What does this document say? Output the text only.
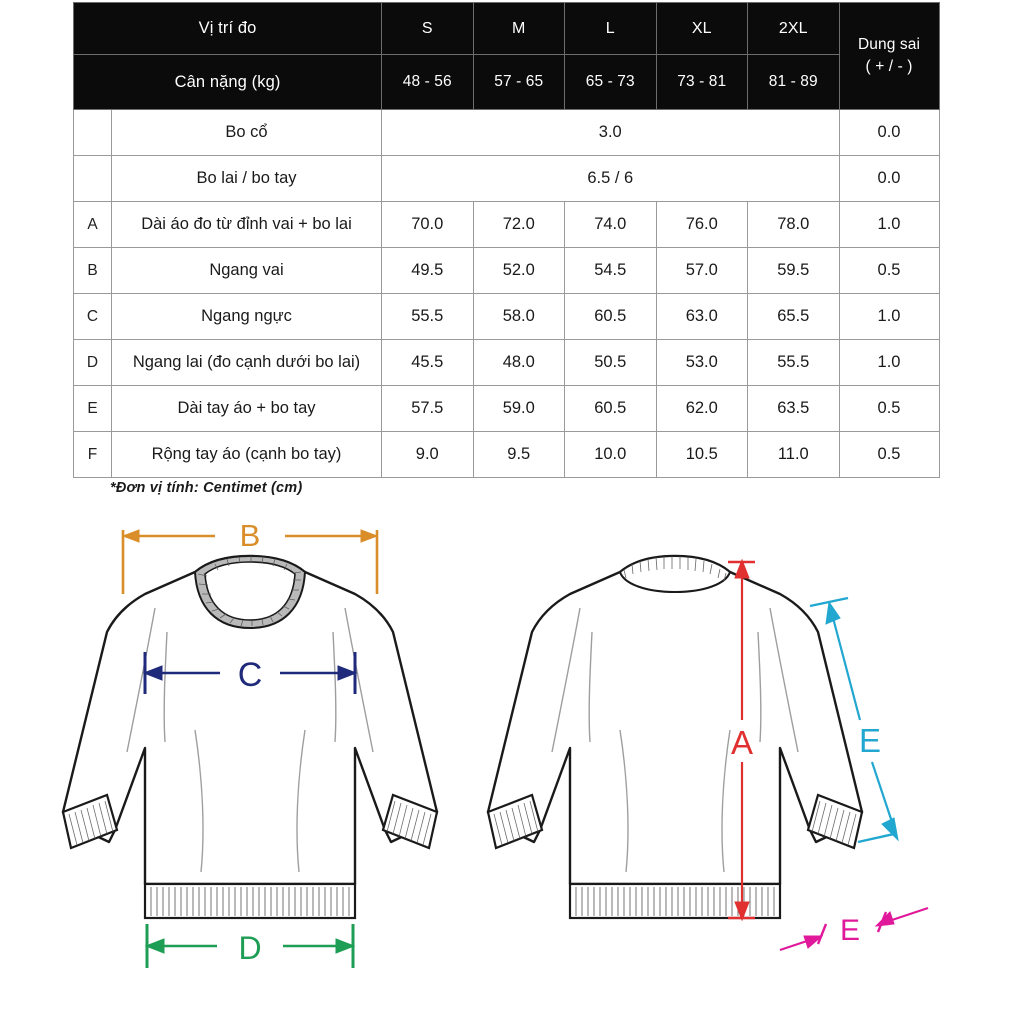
Vị trí đo		S	M	L	XL	2XL	Dung sai
( + / - )

Cân nặng (kg)		48 - 56	57 - 65	65 - 73	73 - 81	81 - 89	
	Bo cổ	3.0					0.0
	Bo lai / bo tay	6.5 / 6					0.0
A	Dài áo đo từ đỉnh vai + bo lai	70.0	72.0	74.0	76.0	78.0	1.0
B	Ngang vai	49.5	52.0	54.5	57.0	59.5	0.5
C	Ngang ngực	55.5	58.0	60.5	63.0	65.5	1.0
D	Ngang lai (đo cạnh dưới bo lai)	45.5	48.0	50.5	53.0	55.5	1.0
E	Dài tay áo + bo tay	57.5	59.0	60.5	62.0	63.5	0.5
F	Rộng tay áo (cạnh bo tay)	9.0	9.5	10.0	10.5	11.0	0.5
*Đơn vị tính: Centimet (cm)
B
C
D
A	E
E
